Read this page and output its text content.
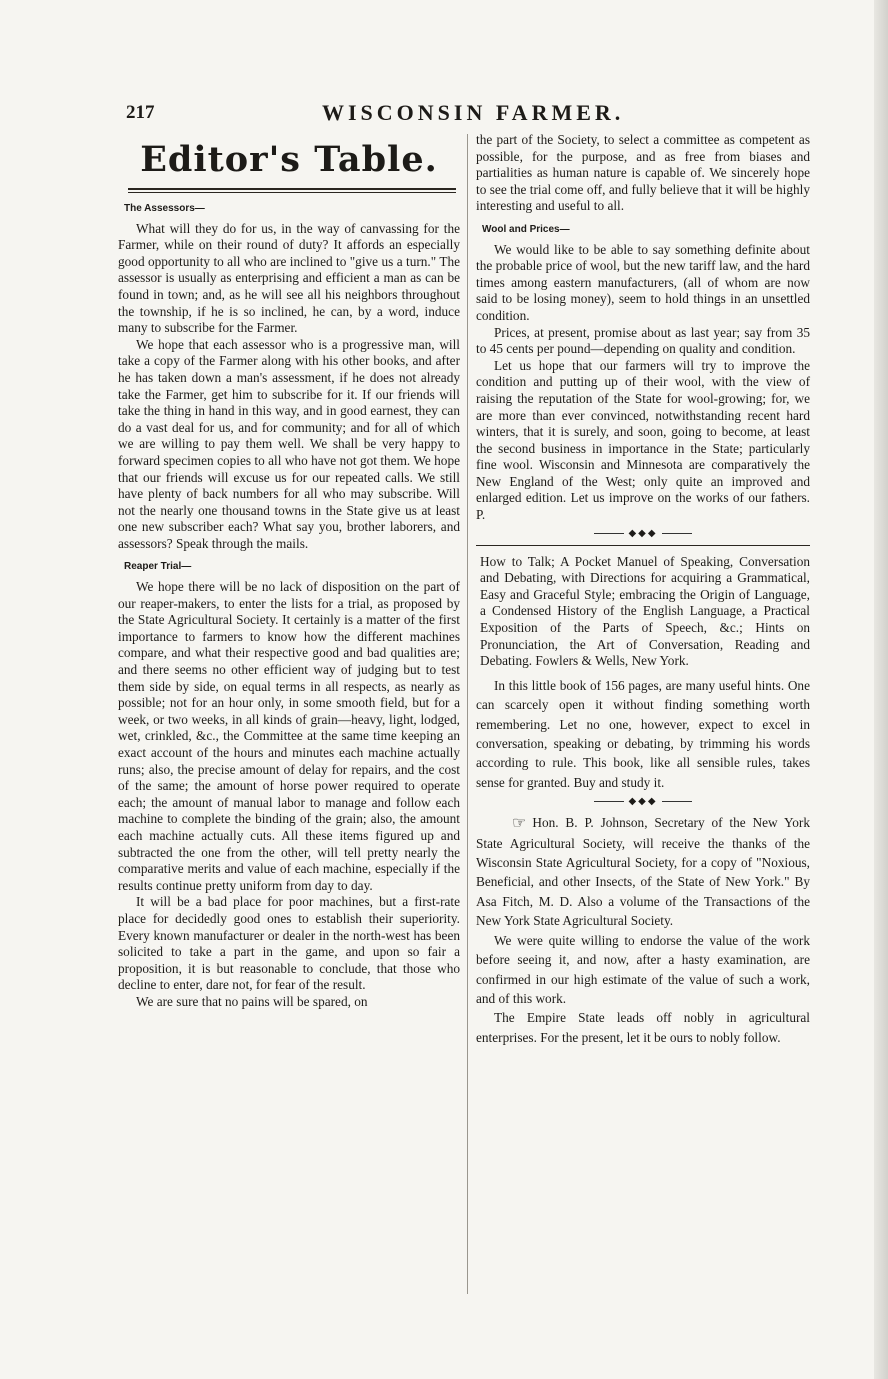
217	WISCONSIN FARMER.
Editor's Table.
The Assessors—

What will they do for us, in the way of canvassing for the Farmer, while on their round of duty? It affords an especially good opportunity to all who are inclined to "give us a turn." The assessor is usually as enterprising and efficient a man as can be found in town; and, as he will see all his neighbors throughout the township, if he is so inclined, he can, by a word, induce many to subscribe for the Farmer.

We hope that each assessor who is a progressive man, will take a copy of the Farmer along with his other books, and after he has taken down a man's assessment, if he does not already take the Farmer, get him to subscribe for it. If our friends will take the thing in hand in this way, and in good earnest, they can do a vast deal for us, and for community; and for all of which we are willing to pay them well. We shall be very happy to forward specimen copies to all who have not got them. We hope that our friends will excuse us for our repeated calls. We still have plenty of back numbers for all who may subscribe. Will not the nearly one thousand towns in the State give us at least one new subscriber each? What say you, brother laborers, and assessors? Speak through the mails.

Reaper Trial—

We hope there will be no lack of disposition on the part of our reaper-makers, to enter the lists for a trial, as proposed by the State Agricultural Society. It certainly is a matter of the first importance to farmers to know how the different machines compare, and what their respective good and bad qualities are; and there seems no other efficient way of judging but to test them side by side, on equal terms in all respects, as nearly as possible; not for an hour only, in some smooth field, but for a week, or two weeks, in all kinds of grain—heavy, light, lodged, wet, crinkled, &c., the Committee at the same time keeping an exact account of the hours and minutes each machine actually runs; also, the precise amount of delay for repairs, and the cost of the same; the amount of horse power required to operate each; the amount of manual labor to manage and follow each machine to complete the binding of the grain; also, the amount each machine actually cuts. All these items figured up and subtracted the one from the other, will tell pretty nearly the comparative merits and value of each machine, especially if the results continue pretty uniform from day to day.

It will be a bad place for poor machines, but a first-rate place for decidedly good ones to establish their superiority. Every known manufacturer or dealer in the north-west has been solicited to take a part in the game, and upon so fair a proposition, it is but reasonable to conclude, that those who decline to enter, dare not, for fear of the result.

We are sure that no pains will be spared, on

the part of the Society, to select a committee as competent as possible, for the purpose, and as free from biases and partialities as human nature is capable of. We sincerely hope to see the trial come off, and fully believe that it will be highly interesting and useful to all.

Wool and Prices—

We would like to be able to say something definite about the probable price of wool, but the new tariff law, and the hard times among eastern manufacturers, (all of whom are now said to be losing money), seem to hold things in an unsettled condition.

Prices, at present, promise about as last year; say from 35 to 45 cents per pound—depending on quality and condition.

Let us hope that our farmers will try to improve the condition and putting up of their wool, with the view of raising the reputation of the State for wool-growing; for, we are more than ever convinced, notwithstanding recent hard winters, that it is surely, and soon, going to become, at least the second business in importance in the State; particularly fine wool. Wisconsin and Minnesota are comparatively the New England of the West; only quite an improved and enlarged edition. Let us improve on the works of our fathers. P.

◆◆◆

How to Talk; A Pocket Manuel of Speaking, Conversation and Debating, with Directions for acquiring a Grammatical, Easy and Graceful Style; embracing the Origin of Language, a Condensed History of the English Language, a Practical Exposition of the Parts of Speech, &c.; Hints on Pronunciation, the Art of Conversation, Reading and Debating. Fowlers & Wells, New York.

In this little book of 156 pages, are many useful hints. One can scarcely open it without finding something worth remembering. Let no one, however, expect to excel in conversation, speaking or debating, by trimming his words according to rule. This book, like all sensible rules, takes sense for granted. Buy and study it.

◆◆◆

☞ Hon. B. P. Johnson, Secretary of the New York State Agricultural Society, will receive the thanks of the Wisconsin State Agricultural Society, for a copy of "Noxious, Beneficial, and other Insects, of the State of New York." By Asa Fitch, M. D. Also a volume of the Transactions of the New York State Agricultural Society.

We were quite willing to endorse the value of the work before seeing it, and now, after a hasty examination, are confirmed in our high estimate of the value of such a work, and of this work.

The Empire State leads off nobly in agricultural enterprises. For the present, let it be ours to nobly follow.
